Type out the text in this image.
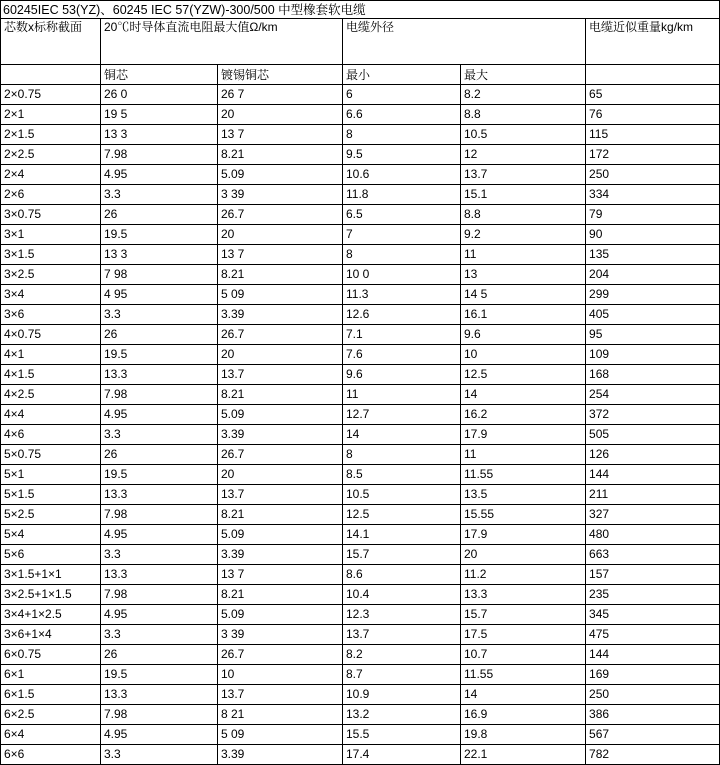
60245IEC 53(YZ)、60245 IEC 57(YZW)-300/500 中型橡套软电缆
芯数x标称截面	20℃时导体直流电阻最大值Ω/km		电缆外径		电缆近似重量kg/km
	铜芯	镀锡铜芯	最小	最大	
2×0.75	26 0	26 7	6	8.2	65
2×1	19 5	20	6.6	8.8	76
2×1.5	13 3	13 7	8	10.5	115
2×2.5	7.98	8.21	9.5	12	172
2×4	4.95	5.09	10.6	13.7	250
2×6	3.3	3 39	11.8	15.1	334
3×0.75	26	26.7	6.5	8.8	79
3×1	19.5	20	7	9.2	90
3×1.5	13 3	13 7	8	11	135
3×2.5	7 98	8.21	10 0	13	204
3×4	4 95	5 09	11.3	14 5	299
3×6	3.3	3.39	12.6	16.1	405
4×0.75	26	26.7	7.1	9.6	95
4×1	19.5	20	7.6	10	109
4×1.5	13.3	13.7	9.6	12.5	168
4×2.5	7.98	8.21	11	14	254
4×4	4.95	5.09	12.7	16.2	372
4×6	3.3	3.39	14	17.9	505
5×0.75	26	26.7	8	11	126
5×1	19.5	20	8.5	11.55	144
5×1.5	13.3	13.7	10.5	13.5	211
5×2.5	7.98	8.21	12.5	15.55	327
5×4	4.95	5.09	14.1	17.9	480
5×6	3.3	3.39	15.7	20	663
3×1.5+1×1	13.3	13 7	8.6	11.2	157
3×2.5+1×1.5	7.98	8.21	10.4	13.3	235
3×4+1×2.5	4.95	5.09	12.3	15.7	345
3×6+1×4	3.3	3 39	13.7	17.5	475
6×0.75	26	26.7	8.2	10.7	144
6×1	19.5	10	8.7	11.55	169
6×1.5	13.3	13.7	10.9	14	250
6×2.5	7.98	8 21	13.2	16.9	386
6×4	4.95	5 09	15.5	19.8	567
6×6	3.3	3.39	17.4	22.1	782
